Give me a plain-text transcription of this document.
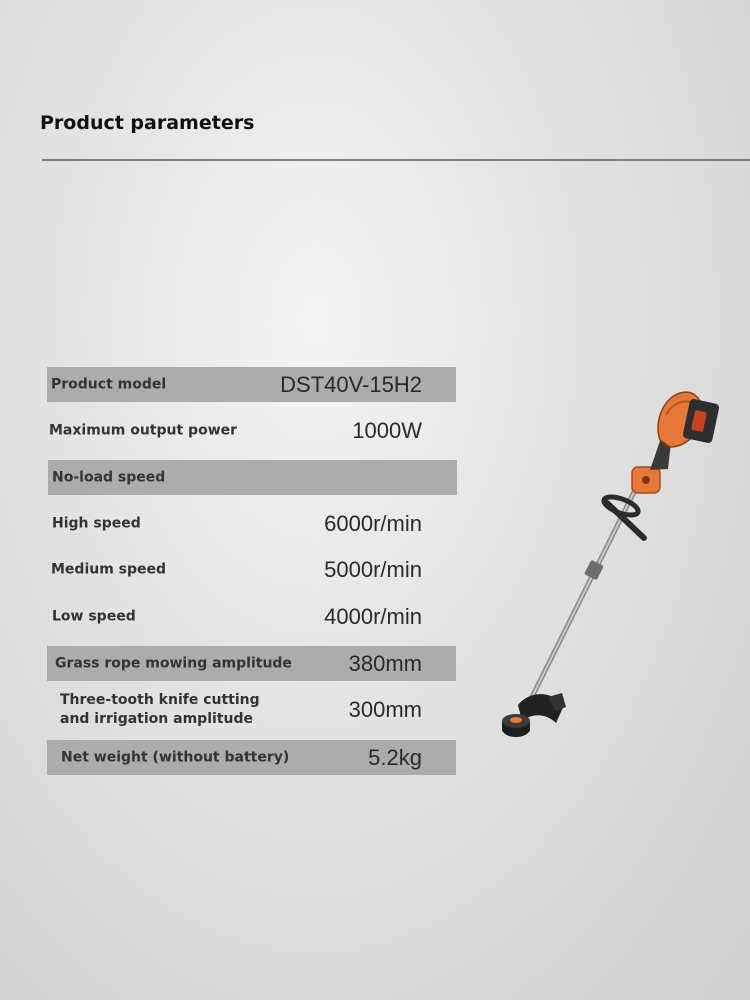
Product parameters
Product model	DST40V-15H2
Maximum output power	1000W
No-load speed
High speed	6000r/min
Medium speed	5000r/min
Low speed	4000r/min
Grass rope mowing amplitude	380mm
Three-tooth knife cutting
and irrigation amplitude	300mm
Net weight (without battery)	5.2kg
